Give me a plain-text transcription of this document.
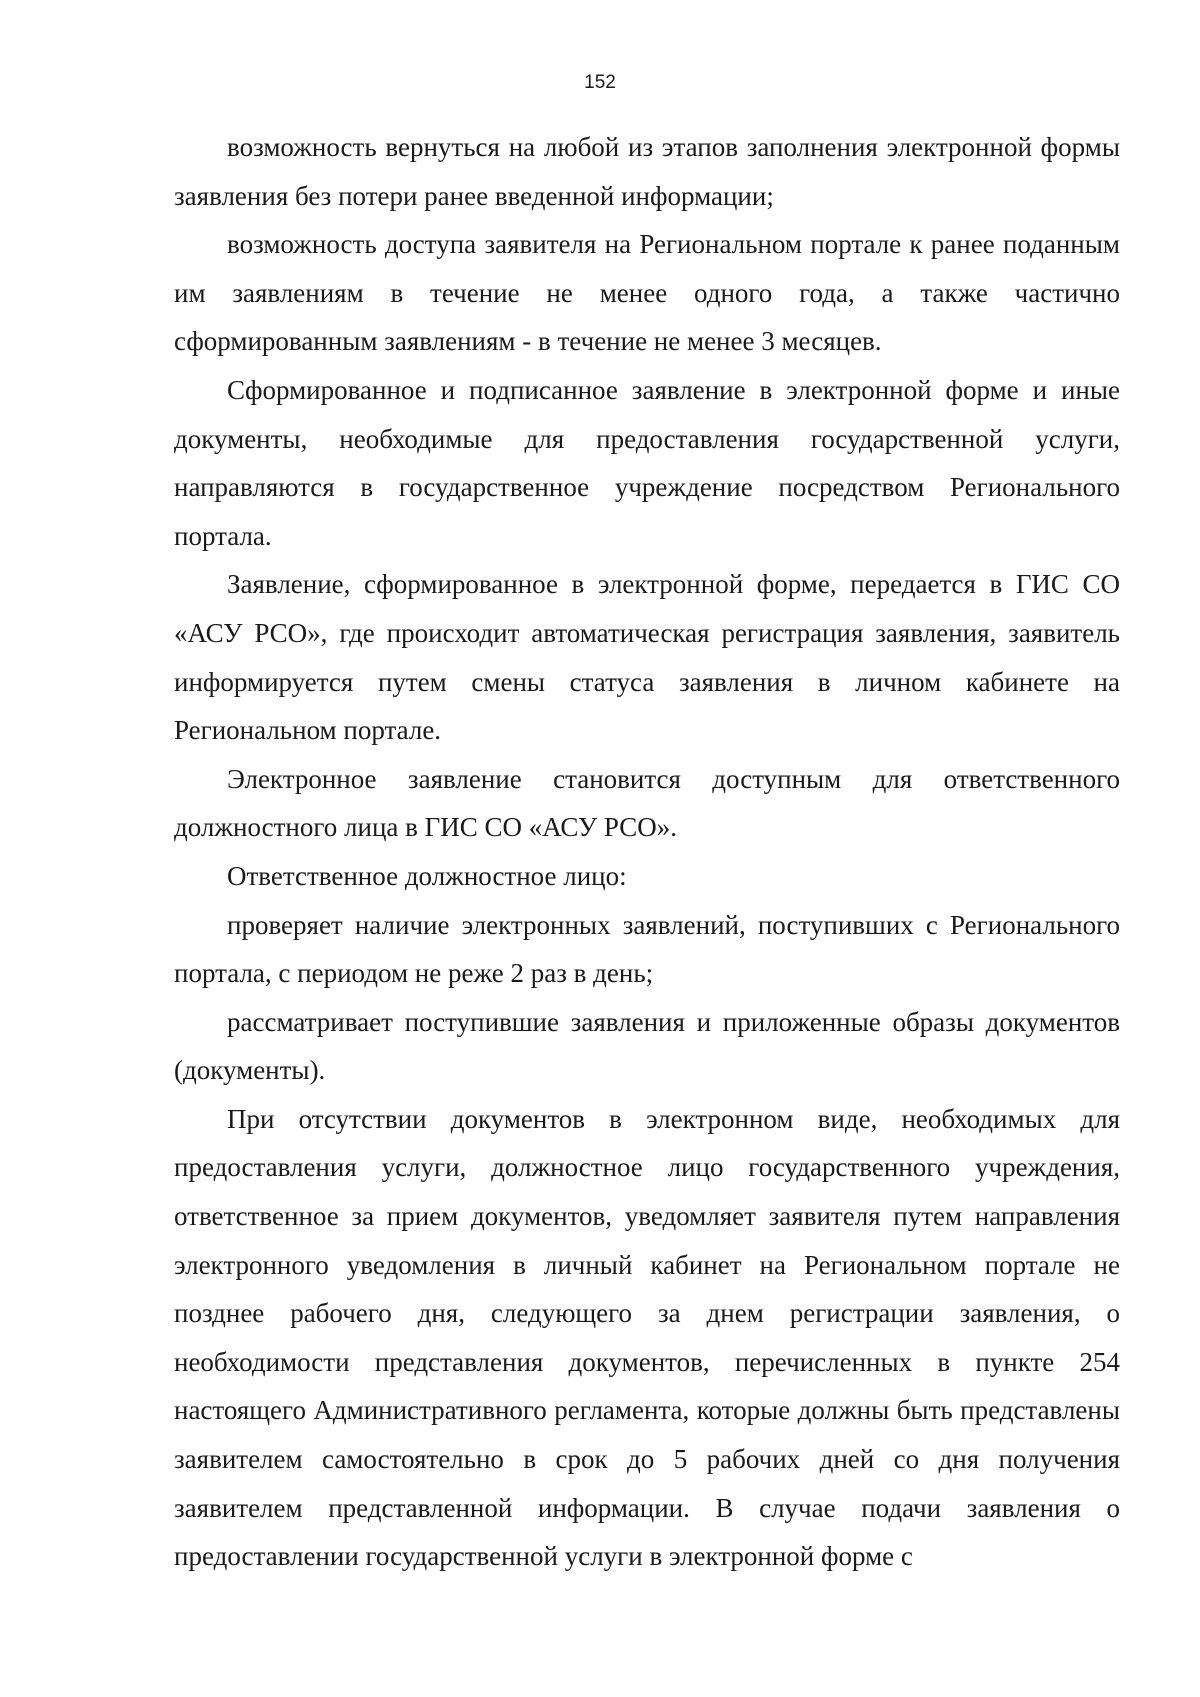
152

возможность вернуться на любой из этапов заполнения электронной формы заявления без потери ранее введенной информации;

возможность доступа заявителя на Региональном портале к ранее поданным им заявлениям в течение не менее одного года, а также частично сформированным заявлениям - в течение не менее 3 месяцев.

Сформированное и подписанное заявление в электронной форме и иные документы, необходимые для предоставления государственной услуги, направляются в государственное учреждение посредством Регионального портала.

Заявление, сформированное в электронной форме, передается в ГИС СО «АСУ РСО», где происходит автоматическая регистрация заявления, заявитель информируется путем смены статуса заявления в личном кабинете на Региональном портале.

Электронное заявление становится доступным для ответственного должностного лица в ГИС СО «АСУ РСО».

Ответственное должностное лицо:

проверяет наличие электронных заявлений, поступивших с Регионального портала, с периодом не реже 2 раз в день;

рассматривает поступившие заявления и приложенные образы документов (документы).

При отсутствии документов в электронном виде, необходимых для предоставления услуги, должностное лицо государственного учреждения, ответственное за прием документов, уведомляет заявителя путем направления электронного уведомления в личный кабинет на Региональном портале не позднее рабочего дня, следующего за днем регистрации заявления, о необходимости представления документов, перечисленных в пункте 254 настоящего Административного регламента, которые должны быть представлены заявителем самостоятельно в срок до 5 рабочих дней со дня получения заявителем представленной информации. В случае подачи заявления о предоставлении государственной услуги в электронной форме с
